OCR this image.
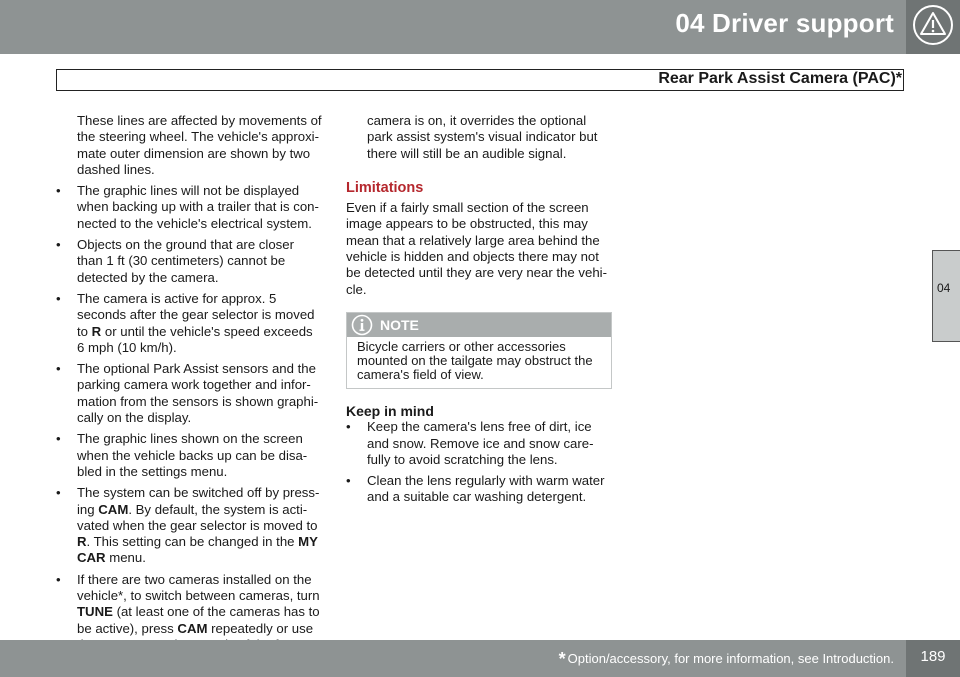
04 Driver support
Rear Park Assist Camera (PAC)*
04
These lines are affected by movements of the steering wheel. The vehicle's approxi-mate outer dimension are shown by two dashed lines.
• The graphic lines will not be displayed when backing up with a trailer that is con-nected to the vehicle's electrical system.
• Objects on the ground that are closer than 1 ft (30 centimeters) cannot be detected by the camera.
• The camera is active for approx. 5 seconds after the gear selector is moved to R or until the vehicle's speed exceeds 6 mph (10 km/h).
• The optional Park Assist sensors and the parking camera work together and infor-mation from the sensors is shown graphi-cally on the display.
• The graphic lines shown on the screen when the vehicle backs up can be disa-bled in the settings menu.
• The system can be switched off by press-ing CAM. By default, the system is acti-vated when the gear selector is moved to R. This setting can be changed in the MY CAR menu.
• If there are two cameras installed on the vehicle*, to switch between cameras, turn TUNE (at least one of the cameras has to be active), press CAM repeatedly or use
camera is on, it overrides the optional park assist system's visual indicator but there will still be an audible signal.
Limitations
Even if a fairly small section of the screen image appears to be obstructed, this may mean that a relatively large area behind the vehicle is hidden and objects there may not be detected until they are very near the vehi-cle.
NOTE
Bicycle carriers or other accessories mounted on the tailgate may obstruct the camera's field of view.
Keep in mind
• Keep the camera's lens free of dirt, ice and snow. Remove ice and snow care-fully to avoid scratching the lens.
• Clean the lens regularly with warm water and a suitable car washing detergent.
* Option/accessory, for more information, see Introduction.	189
